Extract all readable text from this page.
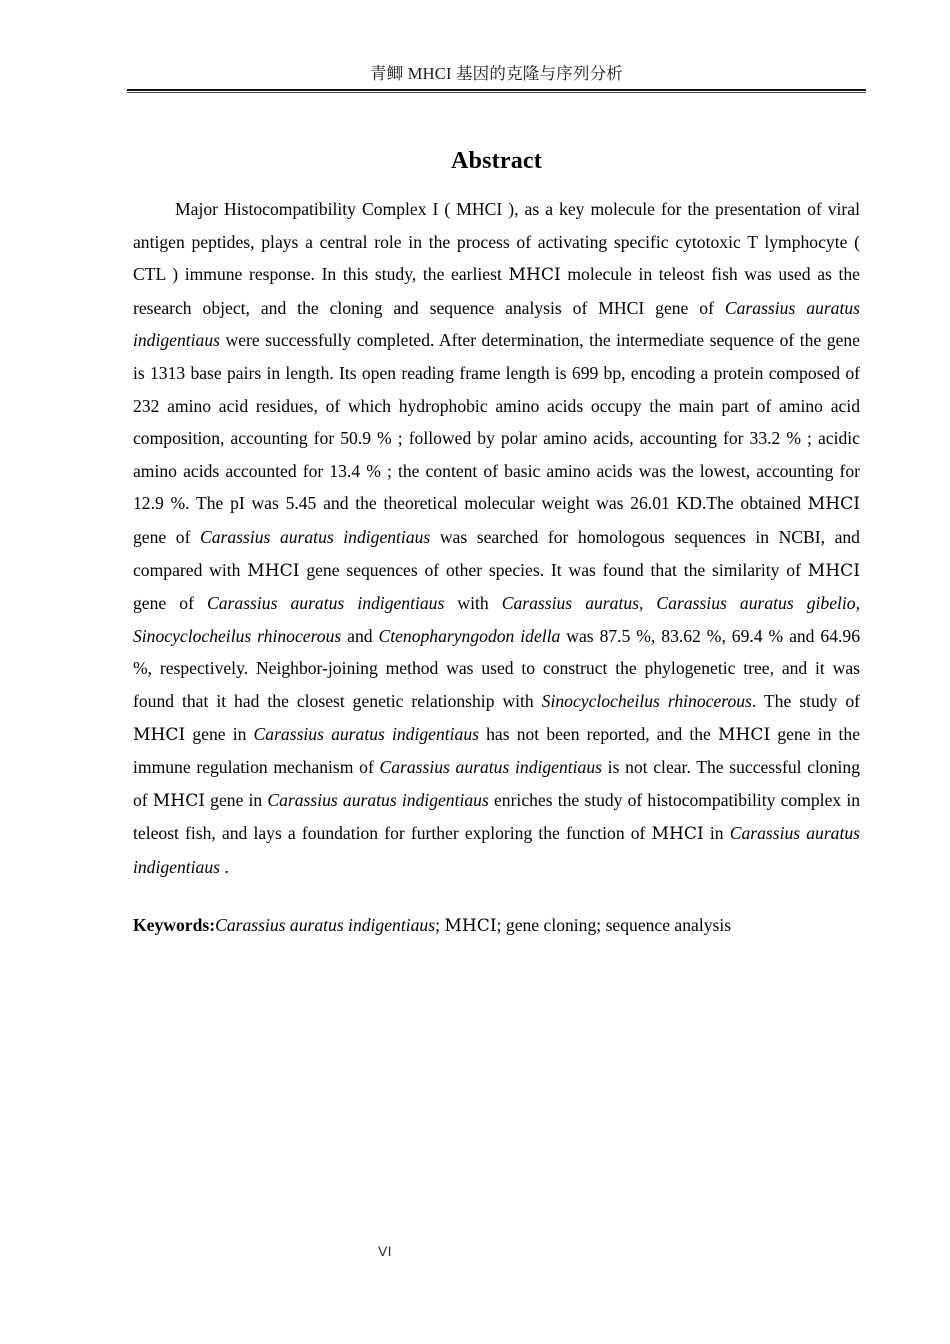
青鲫 MHCI 基因的克隆与序列分析
Abstract

Major Histocompatibility Complex I ( MHCI ), as a key molecule for the presentation of viral antigen peptides, plays a central role in the process of activating specific cytotoxic T lymphocyte ( CTL ) immune response. In this study, the earliest MHCI molecule in teleost fish was used as the research object, and the cloning and sequence analysis of MHCI gene of Carassius auratus indigentiaus were successfully completed. After determination, the intermediate sequence of the gene is 1313 base pairs in length. Its open reading frame length is 699 bp, encoding a protein composed of 232 amino acid residues, of which hydrophobic amino acids occupy the main part of amino acid composition, accounting for 50.9 % ; followed by polar amino acids, accounting for 33.2 % ; acidic amino acids accounted for 13.4 % ; the content of basic amino acids was the lowest, accounting for 12.9 %. The pI was 5.45 and the theoretical molecular weight was 26.01 KD.The obtained MHCI gene of Carassius auratus indigentiaus was searched for homologous sequences in NCBI, and compared with MHCI gene sequences of other species. It was found that the similarity of MHCI gene of Carassius auratus indigentiaus with Carassius auratus, Carassius auratus gibelio, Sinocyclocheilus rhinocerous and Ctenopharyngodon idella was 87.5 %, 83.62 %, 69.4 % and 64.96 %, respectively. Neighbor-joining method was used to construct the phylogenetic tree, and it was found that it had the closest genetic relationship with Sinocyclocheilus rhinocerous. The study of MHCI gene in Carassius auratus indigentiaus has not been reported, and the MHCI gene in the immune regulation mechanism of Carassius auratus indigentiaus is not clear. The successful cloning of MHCI gene in Carassius auratus indigentiaus enriches the study of histocompatibility complex in teleost fish, and lays a foundation for further exploring the function of MHCI in Carassius auratus indigentiaus .

Keywords:Carassius auratus indigentiaus; MHCI; gene cloning; sequence analysis

VI
